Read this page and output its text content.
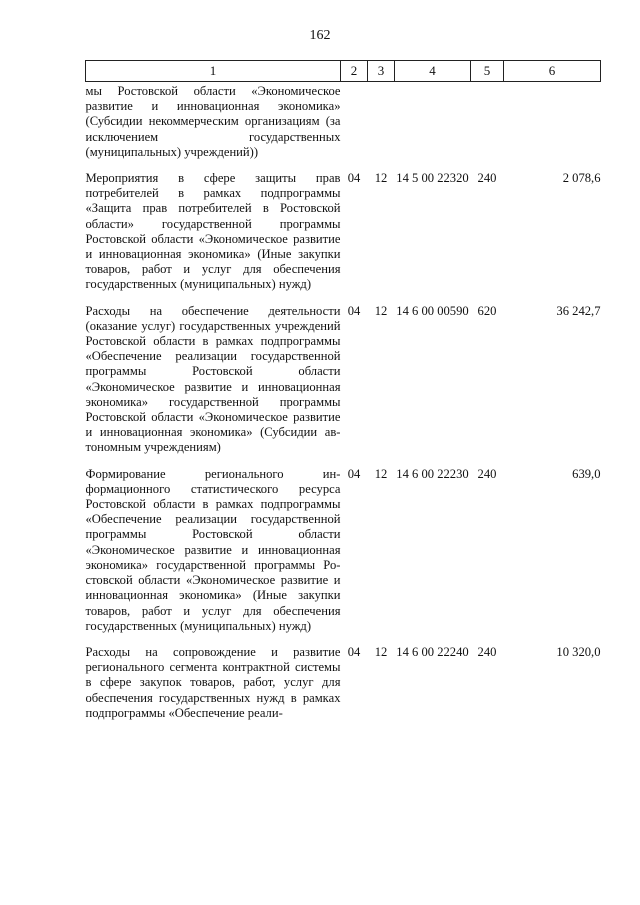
162
1	2	3	4	5	6
мы Ростовской области «Экономическое развитие и инновационная экономика» (Субсидии некоммерческим организациям (за исключением государственных (муниципальных) учреждений))					

Мероприятия в сфере защиты прав потребителей в рамках подпрограммы «Защита прав потребителей в Ростовской области» государственной программы Ростовской области «Экономическое развитие и инновационная экономика» (Иные закупки товаров, работ и услуг для обеспечения государственных (муниципальных) нужд)	04	12	14 5 00 22320	240	2 078,6

Расходы на обеспечение деятельности (оказание услуг) государственных учреждений Ростовской области в рамках подпрограммы «Обеспечение реализации государственной программы Ростовской области «Экономическое развитие и инновационная экономика» государственной программы Ростовской области «Экономическое развитие и инновационная экономика» (Субсидии автономным учреждениям)	04	12	14 6 00 00590	620	36 242,7

Формирование регионального информационного статистического ресурса Ростовской области в рамках подпрограммы «Обеспечение реализации государственной программы Ростовской области «Экономическое развитие и инновационная экономика» государственной программы Ростовской области «Экономическое развитие и инновационная экономика» (Иные закупки товаров, работ и услуг для обеспечения государственных (муниципальных) нужд)	04	12	14 6 00 22230	240	639,0

Расходы на сопровождение и развитие регионального сегмента контрактной системы в сфере закупок товаров, работ, услуг для обеспечения государственных нужд в рамках подпрограммы «Обеспечение реали-	04	12	14 6 00 22240	240	10 320,0
